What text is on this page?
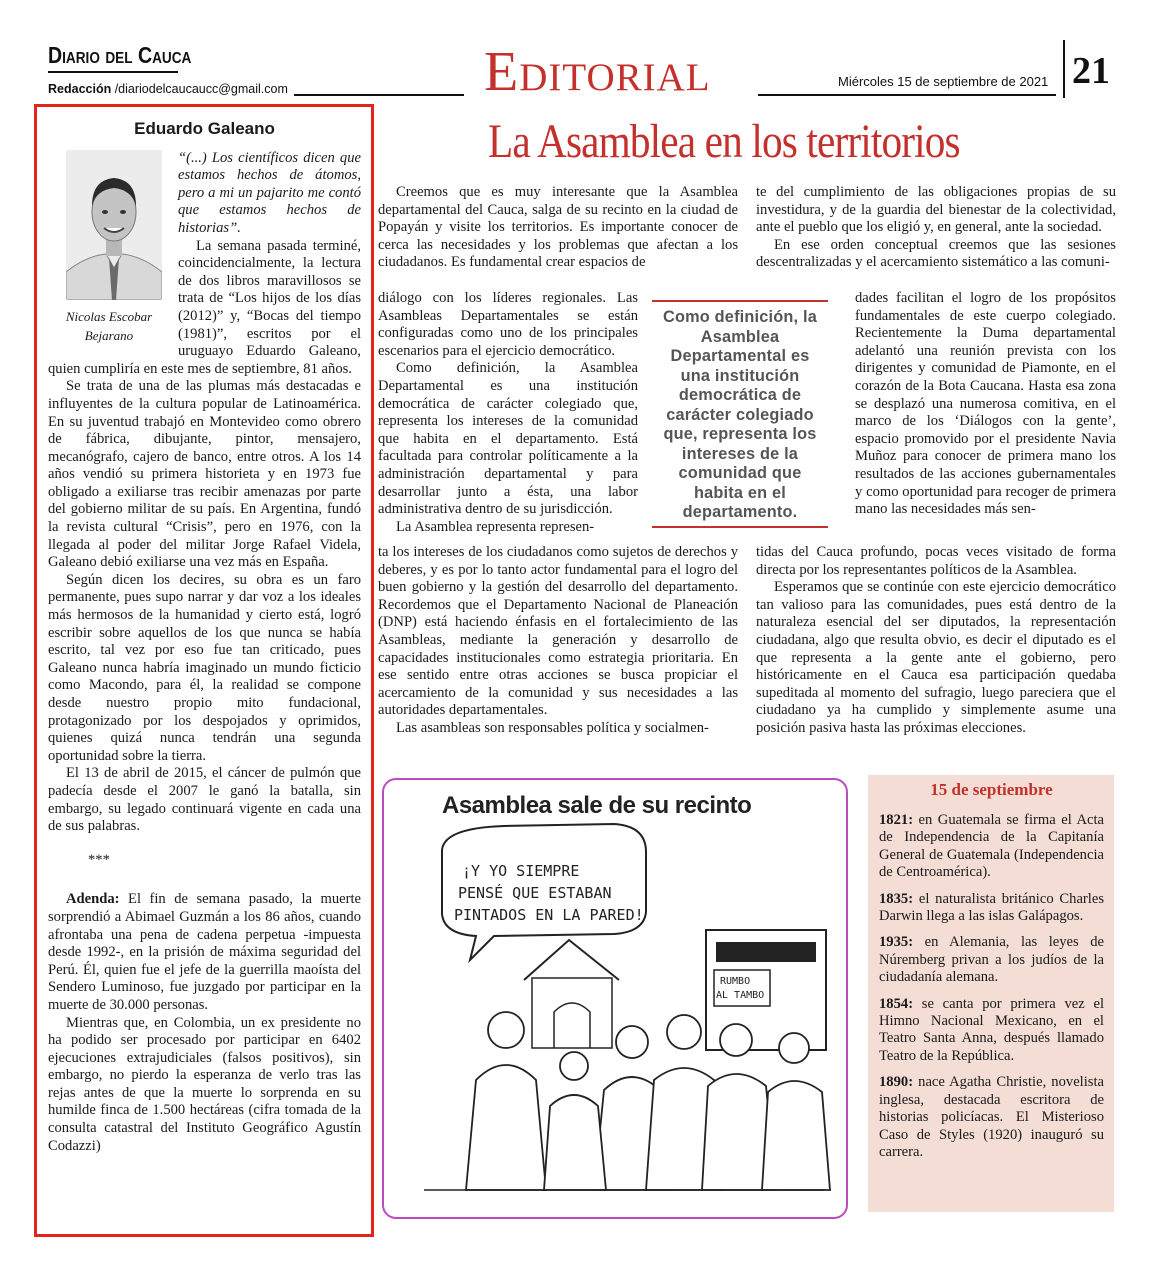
Diario del Cauca
Redacción /diariodelcaucaucc@gmail.com	Editorial	Miércoles 15 de septiembre de 2021 21
Eduardo Galeano
Nicolas Escobar Bejarano

“(...) Los científicos dicen que estamos hechos de átomos, pero a mi un pajarito me contó que estamos hechos de historias”.

La semana pasada terminé, coincidencialmente, la lectura de dos libros maravillosos se trata de “Los hijos de los días (2012)” y, “Bocas del tiempo (1981)”, escritos por el uruguayo Eduardo Galeano, quien cumpliría en este mes de septiembre, 81 años.

Se trata de una de las plumas más destacadas e influyentes de la cultura popular de Latinoamérica. En su juventud trabajó en Montevideo como obrero de fábrica, dibujante, pintor, mensajero, mecanógrafo, cajero de banco, entre otros. A los 14 años vendió su primera historieta y en 1973 fue obligado a exiliarse tras recibir amenazas por parte del gobierno militar de su país. En Argentina, fundó la revista cultural “Crisis”, pero en 1976, con la llegada al poder del militar Jorge Rafael Videla, Galeano debió exiliarse una vez más en España.

Según dicen los decires, su obra es un faro permanente, pues supo narrar y dar voz a los ideales más hermosos de la humanidad y cierto está, logró escribir sobre aquellos de los que nunca se había escrito, tal vez por eso fue tan criticado, pues Galeano nunca habría imaginado un mundo ficticio como Macondo, para él, la realidad se compone desde nuestro propio mito fundacional, protagonizado por los despojados y oprimidos, quienes quizá nunca tendrán una segunda oportunidad sobre la tierra.

El 13 de abril de 2015, el cáncer de pulmón que padecía desde el 2007 le ganó la batalla, sin embargo, su legado continuará vigente en cada una de sus palabras.

***

Adenda: El fin de semana pasado, la muerte sorprendió a Abimael Guzmán a los 86 años, cuando afrontaba una pena de cadena perpetua -impuesta desde 1992-, en la prisión de máxima seguridad del Perú. Él, quien fue el jefe de la guerrilla maoísta del Sendero Luminoso, fue juzgado por participar en la muerte de 30.000 personas.

Mientras que, en Colombia, un ex presidente no ha podido ser procesado por participar en 6402 ejecuciones extrajudiciales (falsos positivos), sin embargo, no pierdo la esperanza de verlo tras las rejas antes de que la muerte lo sorprenda en su humilde finca de 1.500 hectáreas (cifra tomada de la consulta catastral del Instituto Geográfico Agustín Codazzi)

La Asamblea en los territorios

Creemos que es muy interesante que la Asamblea departamental del Cauca, salga de su recinto en la ciudad de Popayán y visite los territorios. Es importante conocer de cerca las necesidades y los problemas que afectan a los ciudadanos. Es fundamental crear espacios de

diálogo con los líderes regionales. Las Asambleas Departamentales se están configuradas como uno de los principales escenarios para el ejercicio democrático.

Como definición, la Asamblea Departamental es una institución democrática de carácter colegiado que, representa los intereses de la comunidad que habita en el departamento. Está facultada para controlar políticamente a la administración departamental y para desarrollar junto a ésta, una labor administrativa dentro de su jurisdicción.

La Asamblea representa represen-

ta los intereses de los ciudadanos como sujetos de derechos y deberes, y es por lo tanto actor fundamental para el logro del buen gobierno y la gestión del desarrollo del departamento. Recordemos que el Departamento Nacional de Planeación (DNP) está haciendo énfasis en el fortalecimiento de las Asambleas, mediante la generación y desarrollo de capacidades institucionales como estrategia prioritaria. En ese sentido entre otras acciones se busca propiciar el acercamiento de la comunidad y sus necesidades a las autoridades departamentales.

Las asambleas son responsables política y socialmen-

Como definición, la Asamblea Departamental es una institución democrática de carácter colegiado que, representa los intereses de la comunidad que habita en el departamento.

te del cumplimiento de las obligaciones propias de su investidura, y de la guardia del bienestar de la colectividad, ante el pueblo que los eligió y, en general, ante la sociedad.

En ese orden conceptual creemos que las sesiones descentralizadas y el acercamiento sistemático a las comuni-

dades facilitan el logro de los propósitos fundamentales de este cuerpo colegiado. Recientemente la Duma departamental adelantó una reunión prevista con los dirigentes y comunidad de Piamonte, en el corazón de la Bota Caucana. Hasta esa zona se desplazó una numerosa comitiva, en el marco de los ‘Diálogos con la gente’, espacio promovido por el presidente Navia Muñoz para conocer de primera mano los resultados de las acciones gubernamentales y como oportunidad para recoger de primera mano las necesidades más sen-

tidas del Cauca profundo, pocas veces visitado de forma directa por los representantes políticos de la Asamblea.

Esperamos que se continúe con este ejercicio democrático tan valioso para las comunidades, pues está dentro de la naturaleza esencial del ser diputados, la representación ciudadana, algo que resulta obvio, es decir el diputado es el que representa a la gente ante el gobierno, pero históricamente en el Cauca esa participación quedaba supeditada al momento del sufragio, luego pareciera que el ciudadano ya ha cumplido y simplemente asume una posición pasiva hasta las próximas elecciones.

Asamblea sale de su recinto
¡Y YO SIEMPRE
PENSÉ QUE ESTABAN
PINTADOS EN LA PARED!
RUMBO
AL TAMBO
15 de septiembre

1821: en Guatemala se firma el Acta de Independencia de la Capitanía General de Guatemala (Independencia de Centroamérica).

1835: el naturalista británico Charles Darwin llega a las islas Galápagos.

1935: en Alemania, las leyes de Núremberg privan a los judíos de la ciudadanía alemana.

1854: se canta por primera vez el Himno Nacional Mexicano, en el Teatro Santa Anna, después llamado Teatro de la República.

1890: nace Agatha Christie, novelista inglesa, destacada escritora de historias policíacas. El Misterioso Caso de Styles (1920) inauguró su carrera.
